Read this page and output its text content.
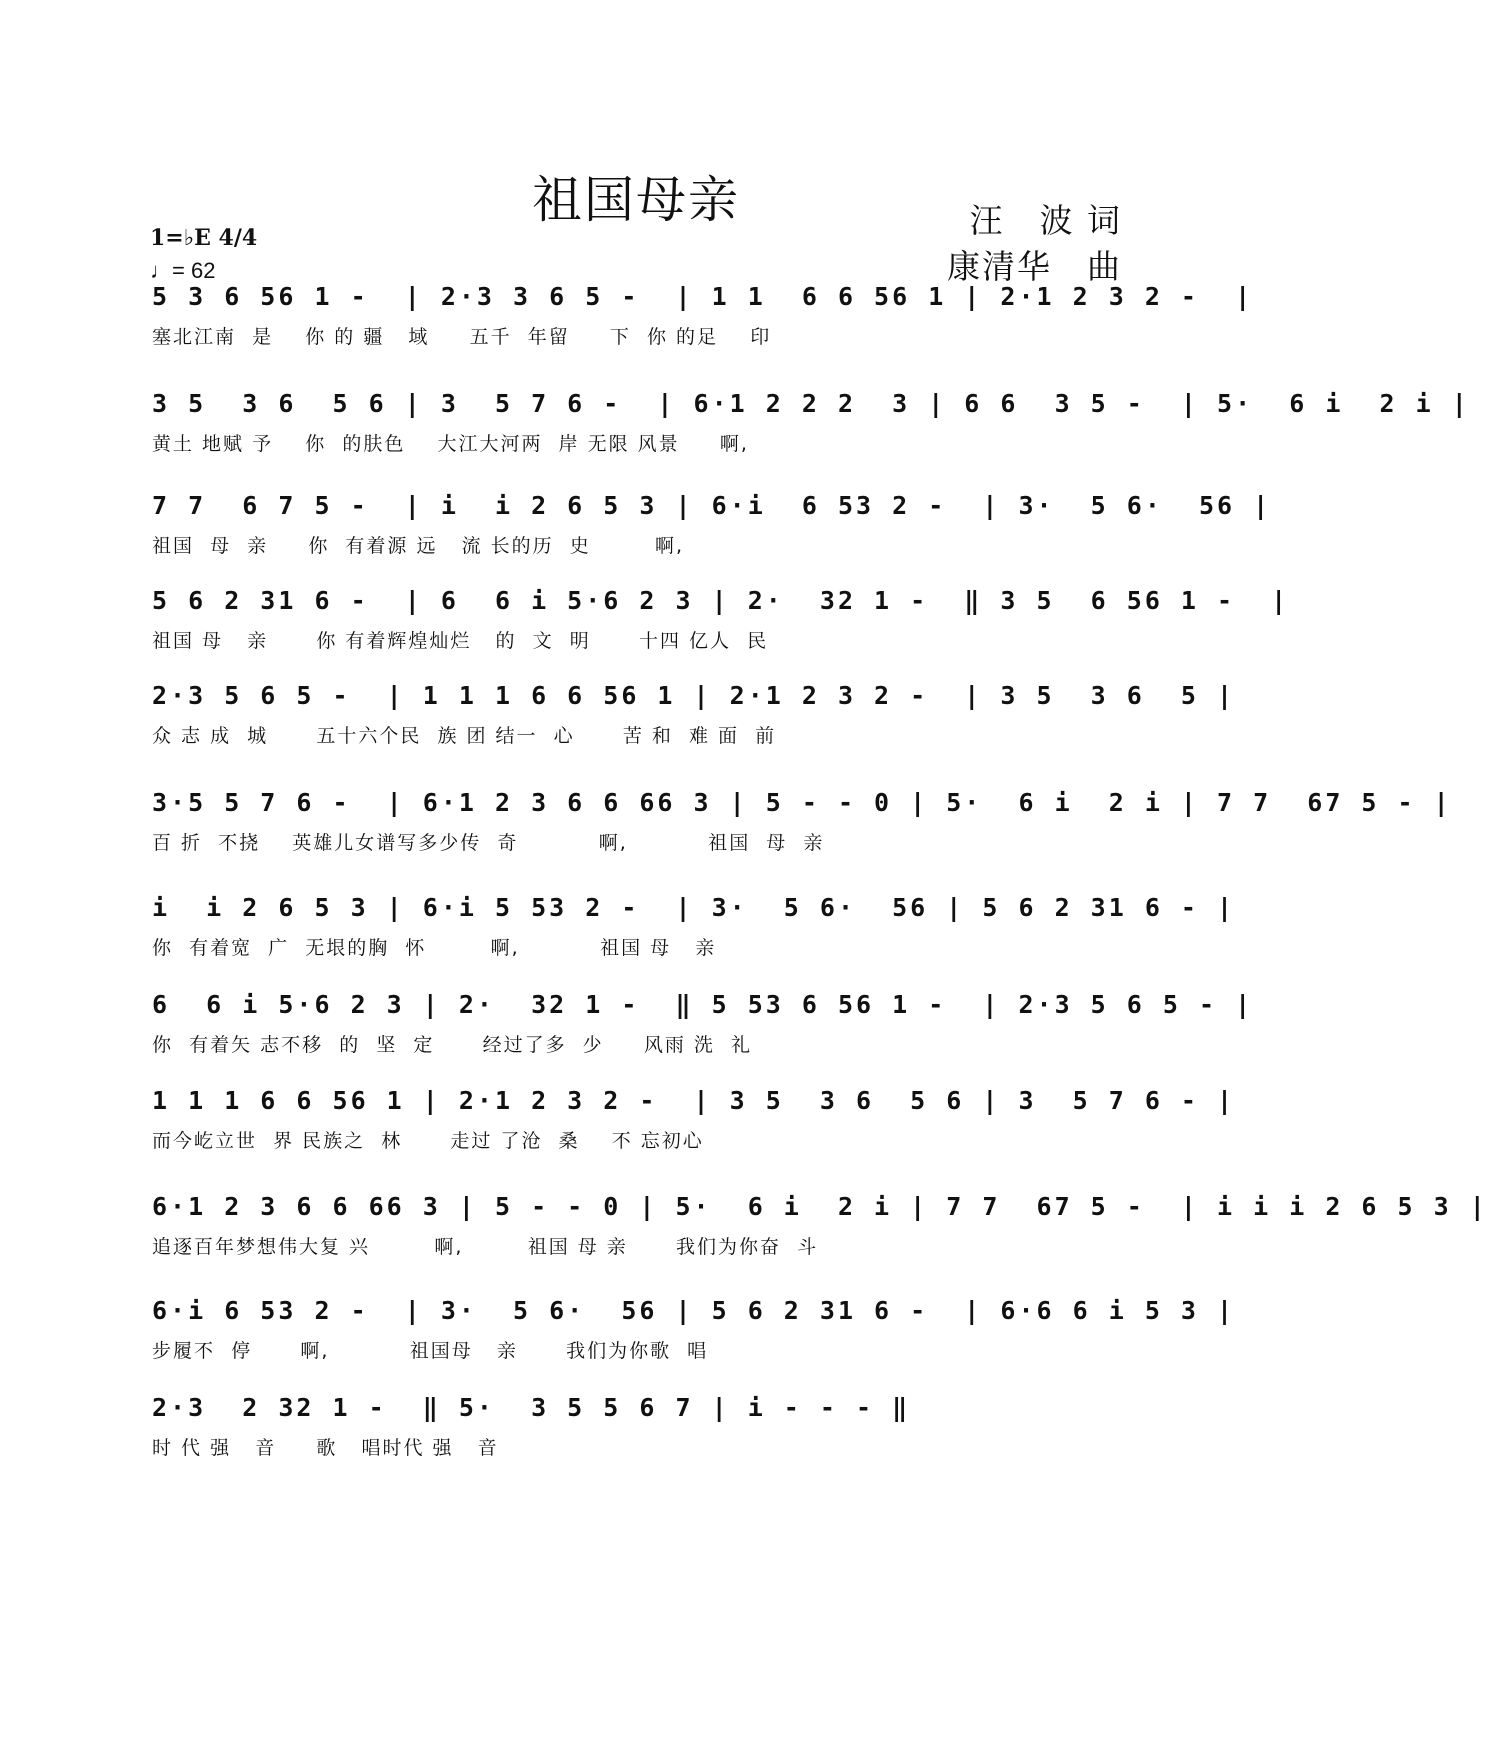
祖国母亲	汪　波 词
康清华　曲
1=♭E 4/4
♩= 62
5 3 6 56 1 -  | 2·3 3 6 5 -  | 1 1  6 6 56 1 | 2·1 2 3 2 -  |
塞北江南  是    你 的 疆   域     五千  年留     下  你 的足    印
3 5  3 6  5 6 | 3  5 7 6 -  | 6·1 2 2 2  3 | 6 6  3 5 -  | 5·  6 i  2 i |
黄土 地赋 予    你  的肤色    大江大河两  岸 无限 风景     啊,
7 7  6 7 5 -  | i  i 2 6 5 3 | 6·i  6 53 2 -  | 3·  5 6·  56 |
祖国  母  亲     你  有着源 远   流 长的历  史        啊,
5 6 2 31 6 -  | 6  6 i 5·6 2 3 | 2·  32 1 -  ‖ 3 5  6 56 1 -  |
祖国 母   亲      你 有着辉煌灿烂   的  文  明      十四 亿人  民
2·3 5 6 5 -  | 1 1 1 6 6 56 1 | 2·1 2 3 2 -  | 3 5  3 6  5 |
众 志 成  城      五十六个民  族 团 结一  心      苦 和  难 面  前
3·5 5 7 6 -  | 6·1 2 3 6 6 66 3 | 5 - - 0 | 5·  6 i  2 i | 7 7  67 5 - |
百 折  不挠    英雄儿女谱写多少传  奇          啊,          祖国  母  亲
i  i 2 6 5 3 | 6·i 5 53 2 -  | 3·  5 6·  56 | 5 6 2 31 6 - |
你  有着宽  广  无垠的胸  怀        啊,          祖国 母   亲
6  6 i 5·6 2 3 | 2·  32 1 -  ‖ 5 53 6 56 1 -  | 2·3 5 6 5 - |
你  有着矢 志不移  的  坚  定      经过了多  少     风雨 洗  礼
1 1 1 6 6 56 1 | 2·1 2 3 2 -  | 3 5  3 6  5 6 | 3  5 7 6 - |
而今屹立世  界 民族之  林      走过 了沧  桑    不 忘初心
6·1 2 3 6 6 66 3 | 5 - - 0 | 5·  6 i  2 i | 7 7  67 5 -  | i i i 2 6 5 3 |
追逐百年梦想伟大复 兴        啊,        祖国 母 亲      我们为你奋  斗
6·i 6 53 2 -  | 3·  5 6·  56 | 5 6 2 31 6 -  | 6·6 6 i 5 3 |
步履不  停      啊,          祖国母   亲      我们为你歌  唱
2·3  2 32 1 -  ‖ 5·  3 5 5 6 7 | i - - - ‖
时 代 强   音     歌   唱时代 强   音
